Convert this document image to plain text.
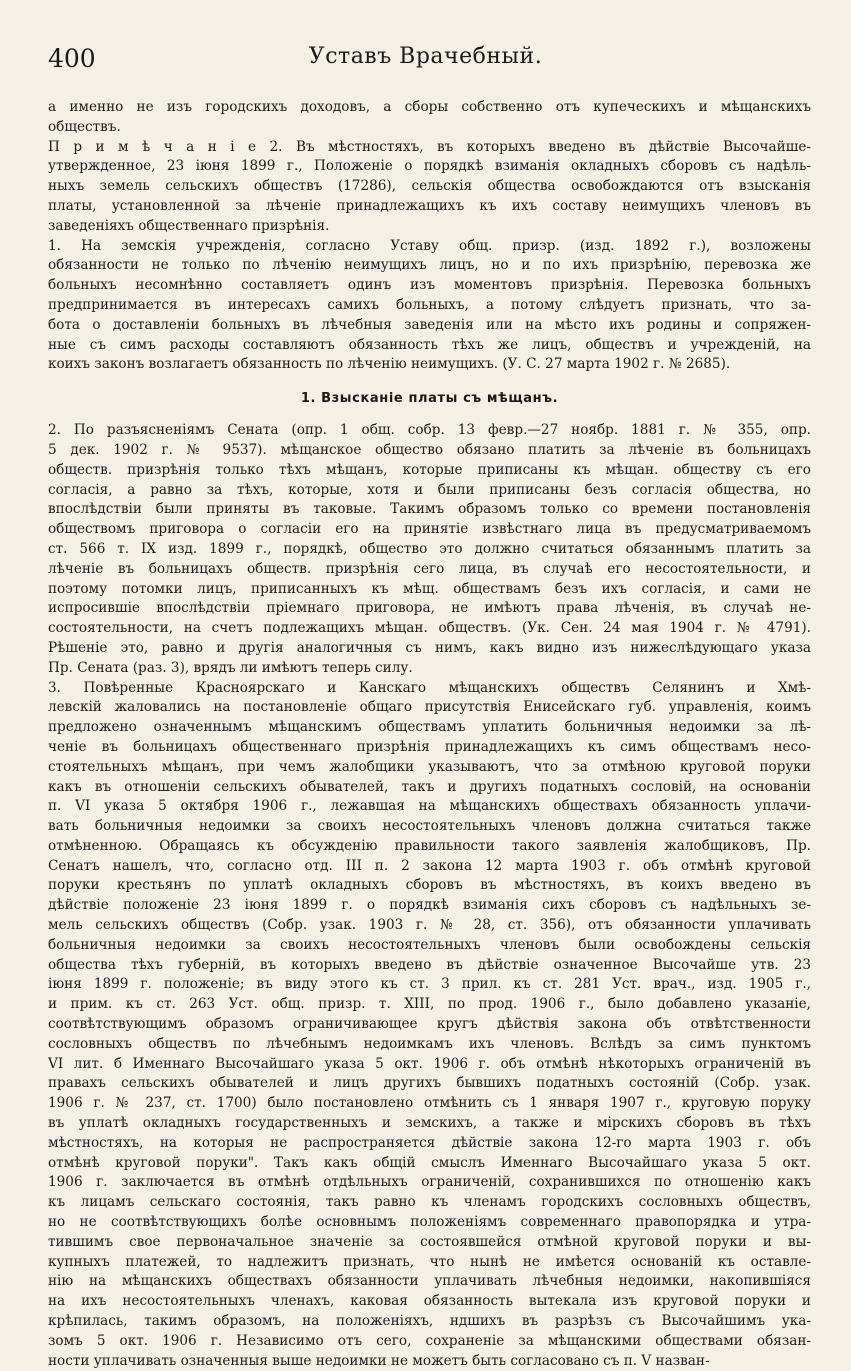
400	Уставъ Врачебный.
а именно не изъ городскихъ доходовъ, а сборы собственно отъ купеческихъ и мѣщанскихъ
обществъ.
П р и м ѣ ч а н і е 2. Въ мѣстностяхъ, въ которыхъ введено въ дѣйствіе Высочайше-
утвержденное, 23 іюня 1899 г., Положеніе о порядкѣ взиманія окладныхъ сборовъ съ надѣль-
ныхъ земель сельскихъ обществъ (17286), сельскія общества освобождаются отъ взысканія
платы, установленной за лѣченіе принадлежащихъ къ ихъ составу неимущихъ членовъ въ
заведеніяхъ общественнаго призрѣнія.
1. На земскія учрежденія, согласно Уставу общ. призр. (изд. 1892 г.), возложены
обязанности не только по лѣченію неимущихъ лицъ, но и по ихъ призрѣнію, перевозка же
больныхъ несомнѣнно составляетъ одинъ изъ моментовъ призрѣнія. Перевозка больныхъ
предпринимается въ интересахъ самихъ больныхъ, а потому слѣдуетъ признать, что за-
бота о доставленіи больныхъ въ лѣчебныя заведенія или на мѣсто ихъ родины и сопряжен-
ные съ симъ расходы составляютъ обязанность тѣхъ же лицъ, обществъ и учрежденій, на
коихъ законъ возлагаетъ обязанность по лѣченію неимущихъ. (У. С. 27 марта 1902 г. № 2685).
1. Взысканіе платы съ мѣщанъ.
2. По разъясненіямъ Сената (опр. 1 общ. собр. 13 февр.—27 ноябр. 1881 г. № 355, опр.
5 дек. 1902 г. № 9537). мѣщанское общество обязано платить за лѣченіе въ больницахъ
обществ. призрѣнія только тѣхъ мѣщанъ, которые приписаны къ мѣщан. обществу съ его
согласія, а равно за тѣхъ, которые, хотя и были приписаны безъ согласія общества, но
впослѣдствіи были приняты въ таковые. Такимъ образомъ только со времени постановленія
обществомъ приговора о согласіи его на принятіе извѣстнаго лица въ предусматриваемомъ
ст. 566 т. IX изд. 1899 г., порядкѣ, общество это должно считаться обязаннымъ платить за
лѣченіе въ больницахъ обществ. призрѣнія сего лица, въ случаѣ его несостоятельности, и
поэтому потомки лицъ, приписанныхъ къ мѣщ. обществамъ безъ ихъ согласія, и сами не
испросившіе впослѣдствіи пріемнаго приговора, не имѣютъ права лѣченія, въ случаѣ не-
состоятельности, на счетъ подлежащихъ мѣщан. обществъ. (Ук. Сен. 24 мая 1904 г. № 4791).
Рѣшеніе это, равно и другія аналогичныя съ нимъ, какъ видно изъ нижеслѣдующаго указа
Пр. Сената (раз. 3), врядъ ли имѣютъ теперь силу.
3. Повѣренные Красноярскаго и Канскаго мѣщанскихъ обществъ Селянинъ и Хмѣ-
левскій жаловались на постановленіе общаго присутствія Енисейскаго губ. управленія, коимъ
предложено означеннымъ мѣщанскимъ обществамъ уплатить больничныя недоимки за лѣ-
ченіе въ больницахъ общественнаго призрѣнія принадлежащихъ къ симъ обществамъ несо-
стоятельныхъ мѣщанъ, при чемъ жалобщики указываютъ, что за отмѣною круговой поруки
какъ въ отношеніи сельскихъ обывателей, такъ и другихъ податныхъ сословій, на основаніи
п. VI указа 5 октября 1906 г., лежавшая на мѣщанскихъ обществахъ обязанность уплачи-
вать больничныя недоимки за своихъ несостоятельныхъ членовъ должна считаться также
отмѣненною. Обращаясь къ обсужденію правильности такого заявленія жалобщиковъ, Пр.
Сенатъ нашелъ, что, согласно отд. III п. 2 закона 12 марта 1903 г. объ отмѣнѣ круговой
поруки крестьянъ по уплатѣ окладныхъ сборовъ въ мѣстностяхъ, въ коихъ введено въ
дѣйствіе положеніе 23 іюня 1899 г. о порядкѣ взиманія сихъ сборовъ съ надѣльныхъ зе-
мель сельскихъ обществъ (Собр. узак. 1903 г. № 28, ст. 356), отъ обязанности уплачивать
больничныя недоимки за своихъ несостоятельныхъ членовъ были освобождены сельскія
общества тѣхъ губерній, въ которыхъ введено въ дѣйствіе означенное Высочайше утв. 23
іюня 1899 г. положеніе; въ виду этого къ ст. 3 прил. къ ст. 281 Уст. врач., изд. 1905 г.,
и прим. къ ст. 263 Уст. общ. призр. т. XIII, по прод. 1906 г., было добавлено указаніе,
соотвѣтствующимъ образомъ ограничивающее кругъ дѣйствія закона объ отвѣтственности
сословныхъ обществъ по лѣчебнымъ недоимкамъ ихъ членовъ. Вслѣдъ за симъ пунктомъ
VI лит. б Именнаго Высочайшаго указа 5 окт. 1906 г. объ отмѣнѣ нѣкоторыхъ ограниченій въ
правахъ сельскихъ обывателей и лицъ другихъ бывшихъ податныхъ состояній (Собр. узак.
1906 г. № 237, ст. 1700) было постановлено отмѣнить съ 1 января 1907 г., круговую поруку
въ уплатѣ окладныхъ государственныхъ и земскихъ, а также и мірскихъ сборовъ въ тѣхъ
мѣстностяхъ, на которыя не распространяется дѣйствіе закона 12-го марта 1903 г. объ
отмѣнѣ круговой поруки". Такъ какъ общій смыслъ Именнаго Высочайшаго указа 5 окт.
1906 г. заключается въ отмѣнѣ отдѣльныхъ ограниченій, сохранившихся по отношенію какъ
къ лицамъ сельскаго состоянія, такъ равно къ членамъ городскихъ сословныхъ обществъ,
но не соотвѣтствующихъ болѣе основнымъ положеніямъ современнаго правопорядка и утра-
тившимъ свое первоначальное значеніе за состоявшейся отмѣной круговой поруки и вы-
купныхъ платежей, то надлежитъ признать, что нынѣ не имѣется основаній къ оставле-
нію на мѣщанскихъ обществахъ обязанности уплачивать лѣчебныя недоимки, накопившіяся
на ихъ несостоятельныхъ членахъ, каковая обязанность вытекала изъ круговой поруки и
крѣпилась, такимъ образомъ, на положеніяхъ, ндшихъ въ разрѣзъ съ Высочайшимъ ука-
зомъ 5 окт. 1906 г. Независимо отъ сего, сохраненіе за мѣщанскими обществами обязан-
ности уплачивать означенныя выше недоимки не можетъ быть согласовано съ п. V назван-
